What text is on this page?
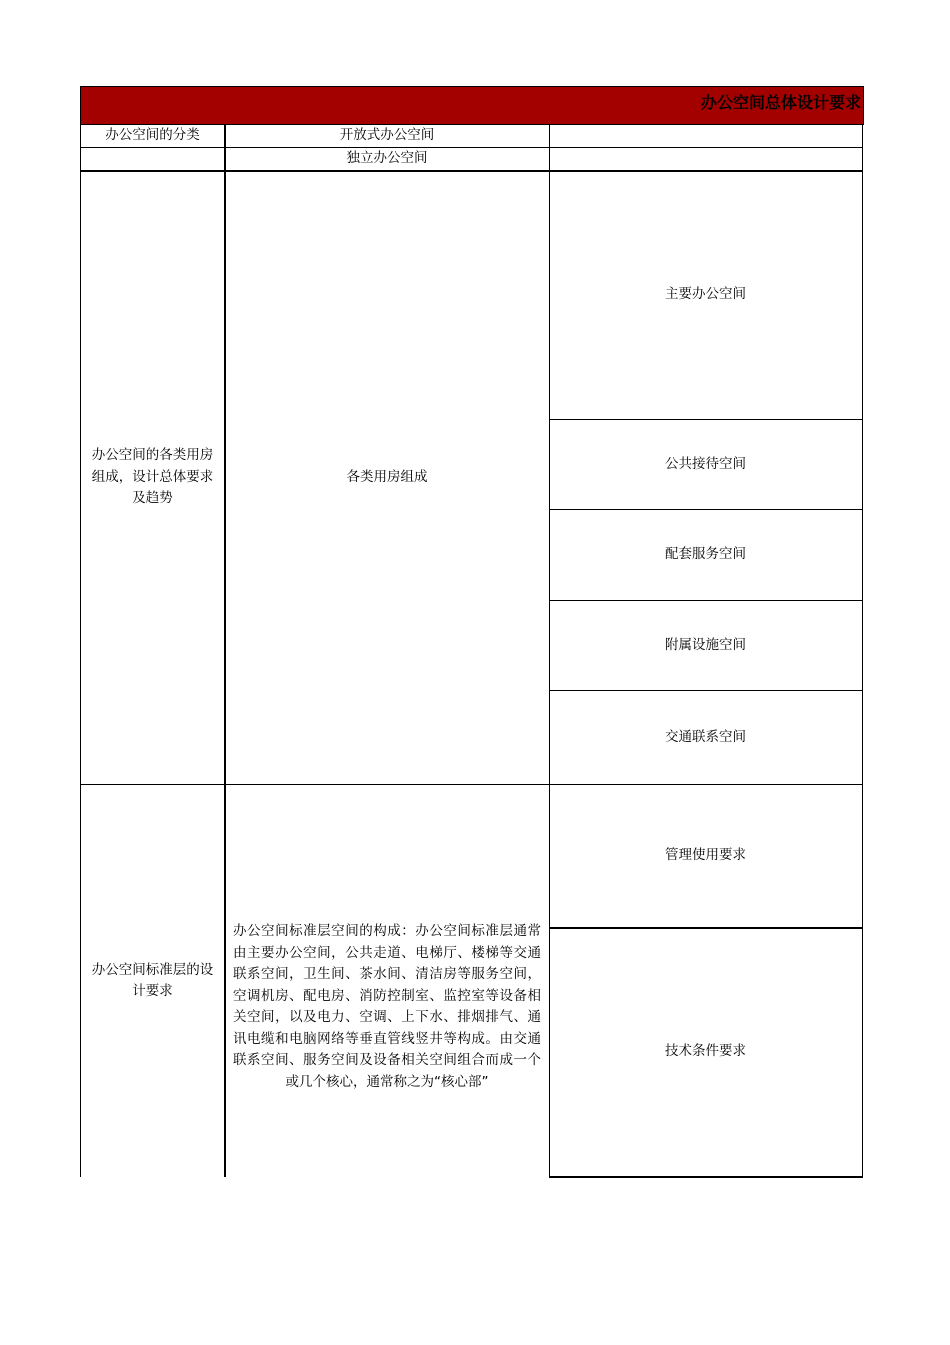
办公空间总体设计要求
办公空间的分类	开放式办公空间
独立办公空间
办公空间的各类用房组成，设计总体要求及趋势
各类用房组成
主要办公空间
公共接待空间
配套服务空间
附属设施空间
交通联系空间
办公空间标准层的设计要求
办公空间标准层空间的构成：办公空间标准层通常由主要办公空间，公共走道、电梯厅、楼梯等交通联系空间，卫生间、茶水间、清洁房等服务空间，空调机房、配电房、消防控制室、监控室等设备相关空间，以及电力、空调、上下水、排烟排气、通讯电缆和电脑网络等垂直管线竖井等构成。由交通联系空间、服务空间及设备相关空间组合而成一个或几个核心，通常称之为“核心部”
管理使用要求
技术条件要求
